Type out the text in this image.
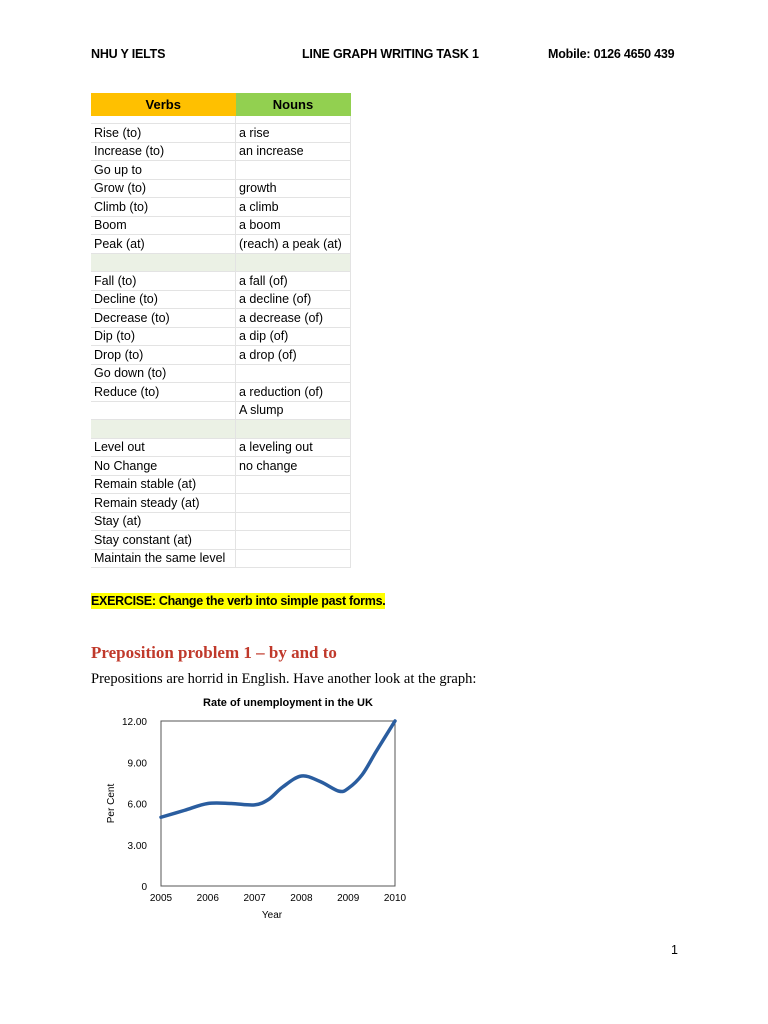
NHU Y IELTS	LINE GRAPH WRITING TASK 1	Mobile: 0126 4650 439
Verbs	Nouns

Rise (to)	a rise
Increase (to)	an increase
Go up to	
Grow (to)	growth
Climb (to)	a climb
Boom	a boom
Peak (at)	(reach) a peak (at)

Fall (to)	a fall (of)
Decline (to)	a decline (of)
Decrease (to)	a decrease (of)
Dip (to)	a dip (of)
Drop (to)	a drop (of)
Go down (to)	
Reduce (to)	a reduction (of)
	A slump

Level out	a leveling out
No Change	no change
Remain stable (at)	
Remain steady (at)	
Stay (at)	
Stay constant (at)	
Maintain the same level	
EXERCISE: Change the verb into simple past forms.
Preposition problem 1 – by and to
Prepositions are horrid in English. Have another look at the graph:
Rate of unemployment in the UK
0
3.00
6.00
9.00
12.00
2005 2006 2007 2008 2009 2010
Year
Per Cent
1
